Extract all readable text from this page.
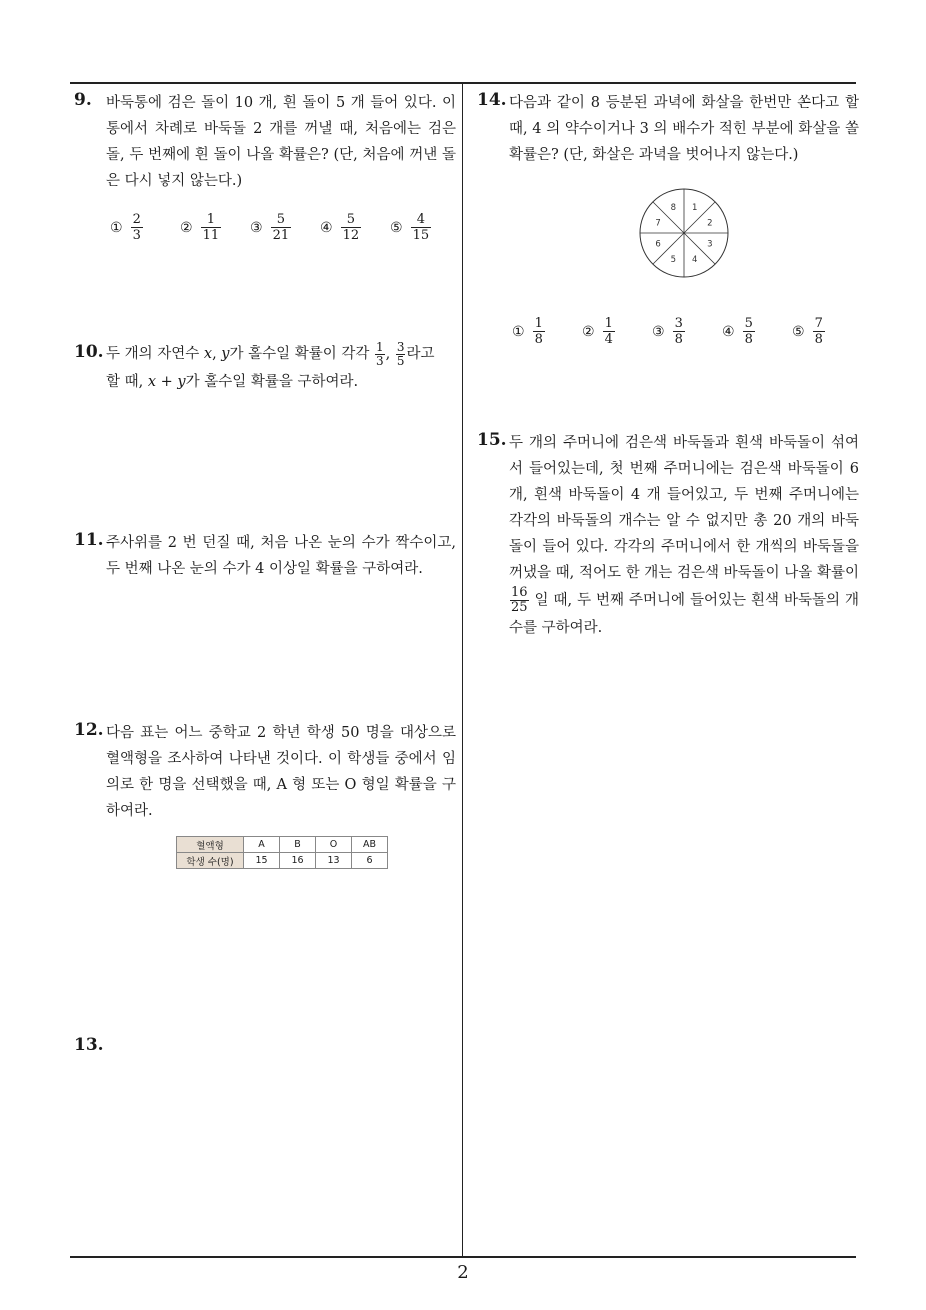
9. 바둑통에 검은 돌이 10 개, 흰 돌이 5 개 들어 있다. 이 통에서 차례로 바둑돌 2 개를 꺼낼 때, 처음에는 검은 돌, 두 번째에 흰 돌이 나올 확률은? (단, 처음에 꺼낸 돌은 다시 넣지 않는다.)
① $\frac{2}{3}$	② $\frac{1}{11}$ ③ $\frac{5}{21}$ ④ $\frac{5}{12}$ ⑤ $\frac{4}{15}$
10. 두 개의 자연수 x, y가 홀수일 확률이 각각 $\frac{1}{3}$ , $\frac{3}{5}$ 라고
할 때, x + y가 홀수일 확률을 구하여라.
11. 주사위를 2 번 던질 때, 처음 나온 눈의 수가 짝수이고, 두 번째 나온 눈의 수가 4 이상일 확률을 구하여라.
12. 다음 표는 어느 중학교 2 학년 학생 50 명을 대상으로 혈액형을 조사하여 나타낸 것이다. 이 학생들 중에서 임의로 한 명을 선택했을 때, A 형 또는 O 형일 확률을 구하여라.
혈액형	A	B	O	AB
학생 수(명)	15	16	13	6
13.
14. 다음과 같이 8 등분된 과녁에 화살을 한번만 쏜다고 할 때, 4 의 약수이거나 3 의 배수가 적힌 부분에 화살을 쏠 확률은? (단, 화살은 과녁을 벗어나지 않는다.)
1
2
3
4
5
6
7
8
① $\frac{1}{8}$	② $\frac{1}{4}$	③ $\frac{3}{8}$	④ $\frac{5}{8}$	⑤ $\frac{7}{8}$
15. 두 개의 주머니에 검은색 바둑돌과 흰색 바둑돌이 섞여서 들어있는데, 첫 번째 주머니에는 검은색 바둑돌이 6 개, 흰색 바둑돌이 4 개 들어있고, 두 번째 주머니에는 각각의 바둑돌의 개수는 알 수 없지만 총 20 개의 바둑돌이 들어 있다. 각각의 주머니에서 한 개씩의 바둑돌을 꺼냈을 때, 적어도 한 개는 검은색 바둑돌이 나올 확률이
$\frac{16}{25}$ 일 때, 두 번째 주머니에 들어있는 흰색 바둑돌의 개수를 구하여라.
2
